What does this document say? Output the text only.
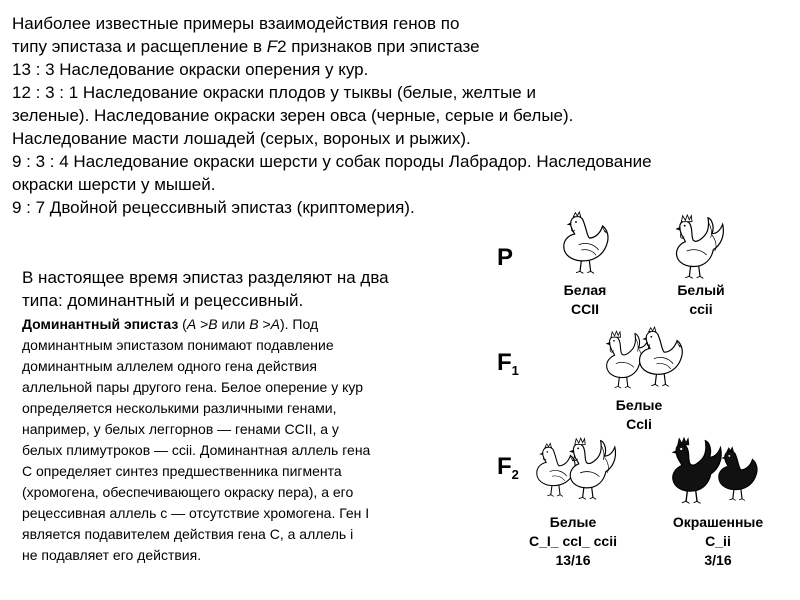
Наиболее известные примеры взаимодействия генов по
типу эпистаза и расщепление в F2 признаков при эпистазе
13 : 3 Наследование окраски оперения у кур.
12 : 3 : 1 Наследование окраски плодов у тыквы (белые, желтые и
зеленые). Наследование окраски зерен овса (черные, серые и белые).
Наследование масти лошадей (серых, вороных и рыжих).
9 : 3 : 4 Наследование окраски шерсти у собак породы Лабрадор. Наследование
окраски шерсти у мышей.
9 : 7 Двойной рецессивный эпистаз (криптомерия).
В настоящее время эпистаз разделяют на два
типа: доминантный и рецессивный.
Доминантный эпистаз (A >B или B >A). Под
доминантным эпистазом понимают подавление
доминантным аллелем одного гена действия
аллельной пары другого гена. Белое оперение у кур
определяется несколькими различными генами,
например, у белых леггорнов — генами CCII, а у
белых плимутроков — ccii. Доминантная аллель гена
С определяет синтез предшественника пигмента
(хромогена, обеспечивающего окраску пера), а его
рецессивная аллель с — отсутствие хромогена. Ген I
является подавителем действия гена С, а аллель i
не подавляет его действия.
P
$F_1$
$F_2$
Белая
CCII
Белый
ccii
Белые
CcIi
Белые
C_I_ ccI_ ccii
13/16
Окрашенные
C_ii
3/16
